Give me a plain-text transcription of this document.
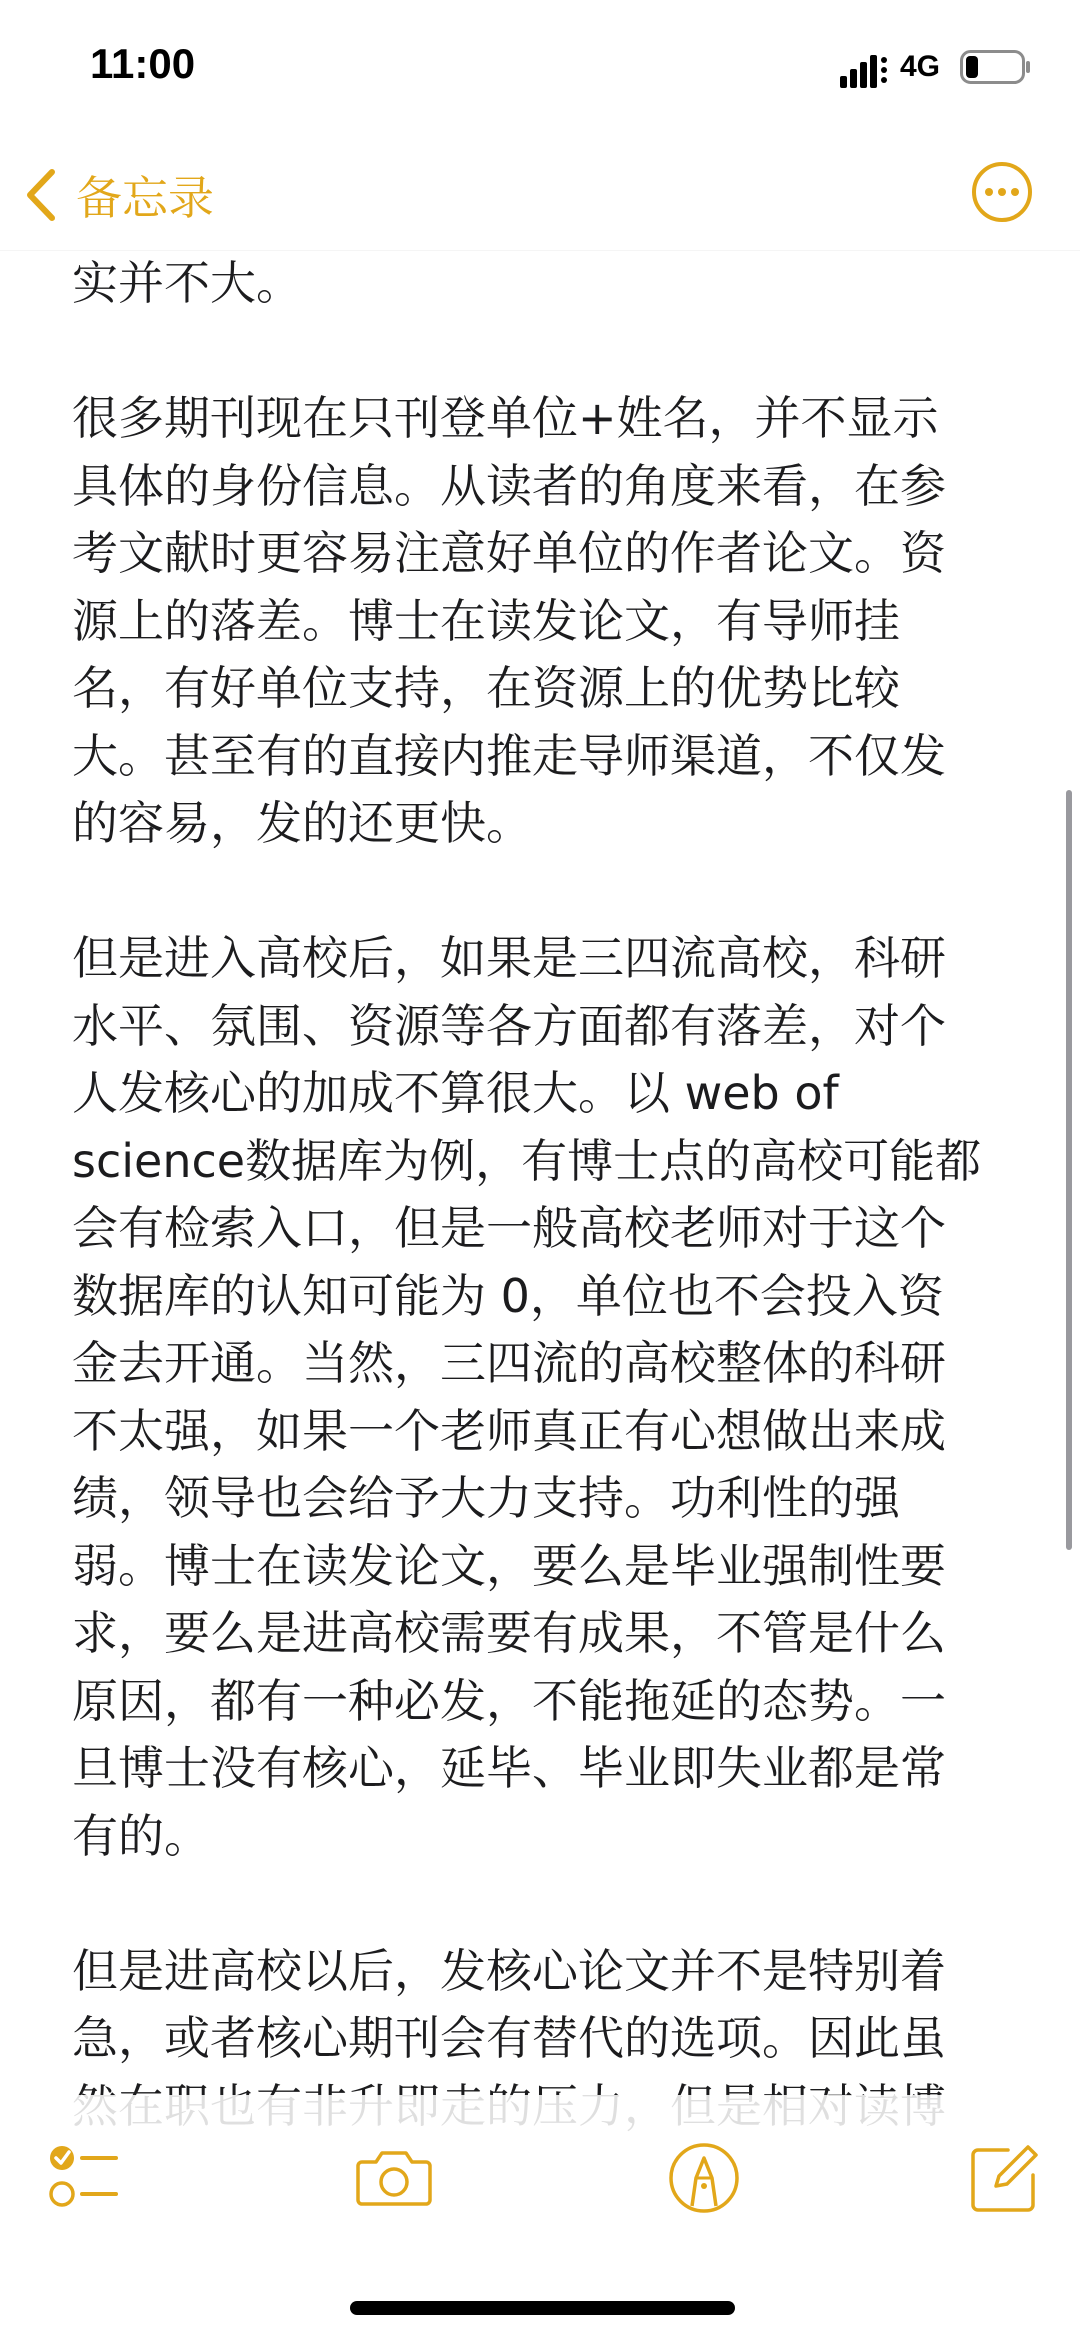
实并不大。
很多期刊现在只刊登单位+姓名，并不显示
具体的身份信息。从读者的角度来看，在参
考文献时更容易注意好单位的作者论文。资
源上的落差。博士在读发论文，有导师挂
名，有好单位支持，在资源上的优势比较
大。甚至有的直接内推走导师渠道，不仅发
的容易，发的还更快。
但是进入高校后，如果是三四流高校，科研
水平、氛围、资源等各方面都有落差，对个
人发核心的加成不算很大。以 web of
science数据库为例，有博士点的高校可能都
会有检索入口，但是一般高校老师对于这个
数据库的认知可能为 0，单位也不会投入资
金去开通。当然，三四流的高校整体的科研
不太强，如果一个老师真正有心想做出来成
绩，领导也会给予大力支持。功利性的强
弱。博士在读发论文，要么是毕业强制性要
求，要么是进高校需要有成果，不管是什么
原因，都有一种必发，不能拖延的态势。一
旦博士没有核心，延毕、毕业即失业都是常
有的。
但是进高校以后，发核心论文并不是特别着
急，或者核心期刊会有替代的选项。因此虽
11:00	4G
备忘录
